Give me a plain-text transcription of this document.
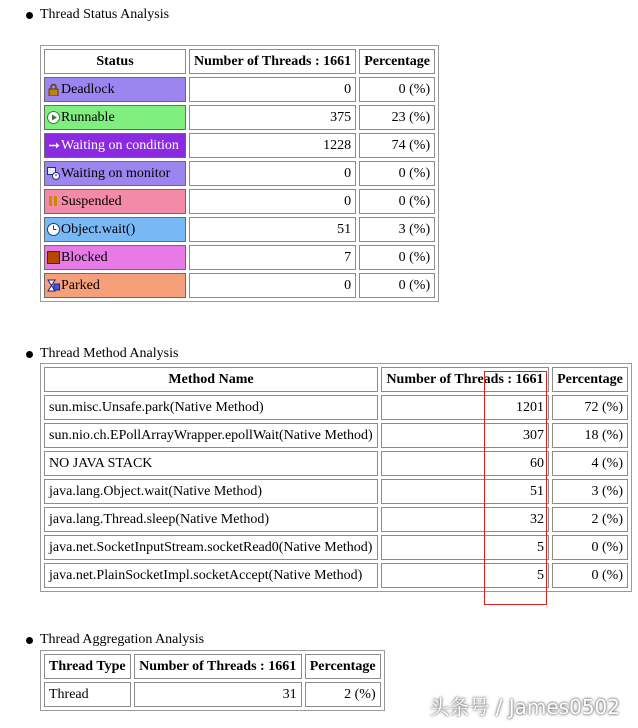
Thread Status Analysis
Status	Number of Threads : 1661	Percentage

Deadlock	0	0 (%)

Runnable	375	23 (%)

Waiting on condition	1228	74 (%)

Waiting on monitor	0	0 (%)

Suspended	0	0 (%)

Object.wait()	51	3 (%)

Blocked	7	0 (%)

Parked	0	0 (%)
Thread Method Analysis
Method Name	Number of Threads : 1661	Percentage
sun.misc.Unsafe.park(Native Method)	1201	72 (%)
sun.nio.ch.EPollArrayWrapper.epollWait(Native Method)	307	18 (%)
NO JAVA STACK	60	4 (%)
java.lang.Object.wait(Native Method)	51	3 (%)
java.lang.Thread.sleep(Native Method)	32	2 (%)
java.net.SocketInputStream.socketRead0(Native Method)	5	0 (%)
java.net.PlainSocketImpl.socketAccept(Native Method)	5	0 (%)
Thread Aggregation Analysis
Thread Type	Number of Threads : 1661	Percentage
Thread	31	2 (%)
头条号 / James0502
